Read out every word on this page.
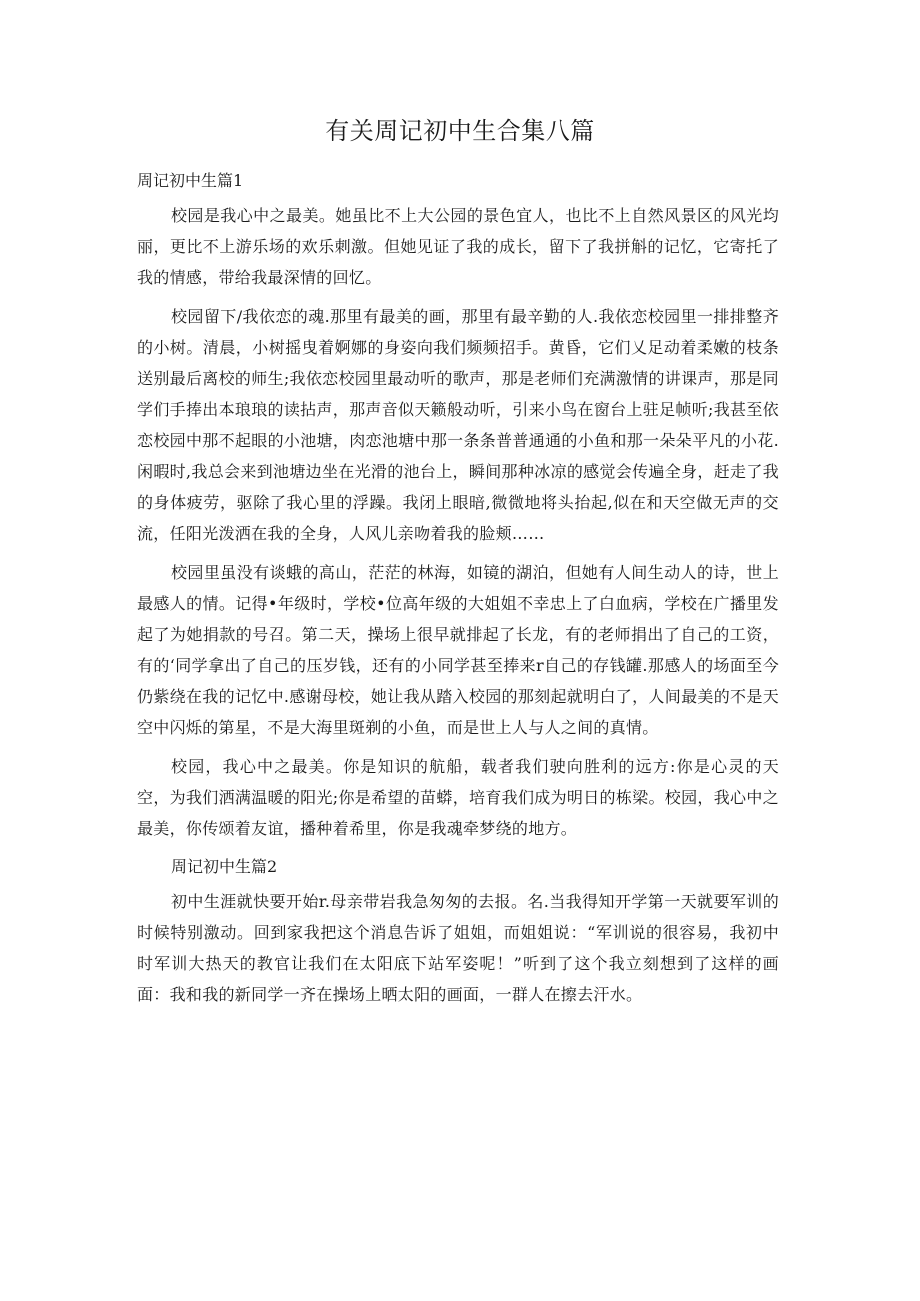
有关周记初中生合集八篇
周记初中生篇1

校园是我心中之最美。她虽比不上大公园的景色宜人，也比不上自然风景区的风光均丽，更比不上游乐场的欢乐刺激。但她见证了我的成长，留下了我拼斛的记忆，它寄托了我的情感，带给我最深情的回忆。

校园留下/我依恋的魂.那里有最美的画，那里有最辛勤的人.我依恋校园里一排排整齐的小树。清晨，小树摇曳着婀娜的身姿向我们频频招手。黄昏，它们乂足动着柔嫩的枝条送别最后离校的师生;我依恋校园里最动听的歌声，那是老师们充满激情的讲课声，那是同学们手捧出本琅琅的读拈声，那声音似天籁般动听，引来小鸟在窗台上驻足帧听;我甚至依恋校园中那不起眼的小池塘，肉恋池塘中那一条条普普通通的小鱼和那一朵朵平凡的小花.闲暇时,我总会来到池塘边坐在光滑的池台上，瞬间那种冰凉的感觉会传遍全身，赶走了我的身体疲劳，驱除了我心里的浮躁。我闭上眼暗,微微地将头抬起,似在和天空做无声的交流，任阳光泼洒在我的全身，人风儿亲吻着我的脸颊……

校园里虽没有谈蛾的高山，茫茫的林海，如镜的湖泊，但她有人间生动人的诗，世上最感人的情。记得•年级时，学校•位高年级的大姐姐不幸忠上了白血病，学校在广播里发起了为她捐款的号召。第二天，操场上很早就排起了长龙，有的老师捐出了自己的工资，有的‘同学拿出了自己的压岁钱，还有的小同学甚至捧来r自己的存钱罐.那感人的场面至今仍紫绕在我的记忆中.感谢母校，她让我从踏入校园的那刻起就明白了，人间最美的不是天空中闪烁的第星，不是大海里斑剃的小鱼，而是世上人与人之间的真情。

校园，我心中之最美。你是知识的航船，载者我们驶向胜利的远方:你是心灵的天空，为我们洒满温暖的阳光;你是希望的苗蟒，培育我们成为明日的栋梁。校园，我心中之最美，你传颂着友谊，播种着希里，你是我魂牵梦绕的地方。

周记初中生篇2

初中生涯就快要开始r.母亲带岩我急匆匆的去报。名.当我得知开学第一天就要军训的时候特别激动。回到家我把这个消息告诉了姐姐，而姐姐说：“军训说的很容易，我初中时军训大热天的教官让我们在太阳底下站军姿呢！”听到了这个我立刻想到了这样的画面：我和我的新同学一齐在操场上晒太阳的画面，一群人在擦去汗水。
